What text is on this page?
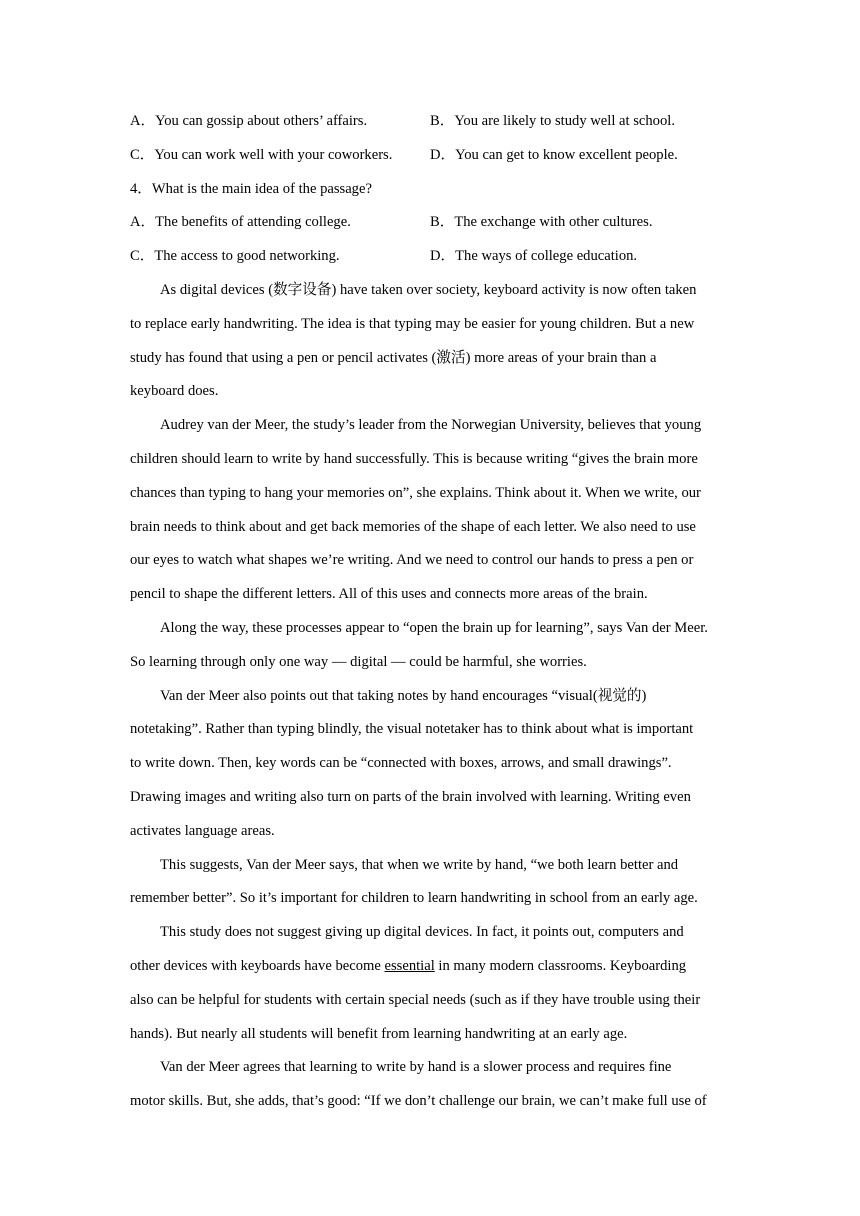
A．You can gossip about others’ affairs.	B．You are likely to study well at school.
C．You can work well with your coworkers.	D．You can get to know excellent people.
4．What is the main idea of the passage?
A．The benefits of attending college.	B．The exchange with other cultures.
C．The access to good networking.	D．The ways of college education.
As digital devices (数字设备) have taken over society, keyboard activity is now often taken
to replace early handwriting. The idea is that typing may be easier for young children. But a new
study has found that using a pen or pencil activates (激活) more areas of your brain than a
keyboard does.
Audrey van der Meer, the study’s leader from the Norwegian University, believes that young
children should learn to write by hand successfully. This is because writing “gives the brain more
chances than typing to hang your memories on”, she explains. Think about it. When we write, our
brain needs to think about and get back memories of the shape of each letter. We also need to use
our eyes to watch what shapes we’re writing. And we need to control our hands to press a pen or
pencil to shape the different letters. All of this uses and connects more areas of the brain.
Along the way, these processes appear to “open the brain up for learning”, says Van der Meer.
So learning through only one way — digital — could be harmful, she worries.
Van der Meer also points out that taking notes by hand encourages “visual(视觉的)
notetaking”. Rather than typing blindly, the visual notetaker has to think about what is important
to write down. Then, key words can be “connected with boxes, arrows, and small drawings”.
Drawing images and writing also turn on parts of the brain involved with learning. Writing even
activates language areas.
This suggests, Van der Meer says, that when we write by hand, “we both learn better and
remember better”. So it’s important for children to learn handwriting in school from an early age.
This study does not suggest giving up digital devices. In fact, it points out, computers and
other devices with keyboards have become essential in many modern classrooms. Keyboarding
also can be helpful for students with certain special needs (such as if they have trouble using their
hands). But nearly all students will benefit from learning handwriting at an early age.
Van der Meer agrees that learning to write by hand is a slower process and requires fine
motor skills. But, she adds, that’s good: “If we don’t challenge our brain, we can’t make full use of
